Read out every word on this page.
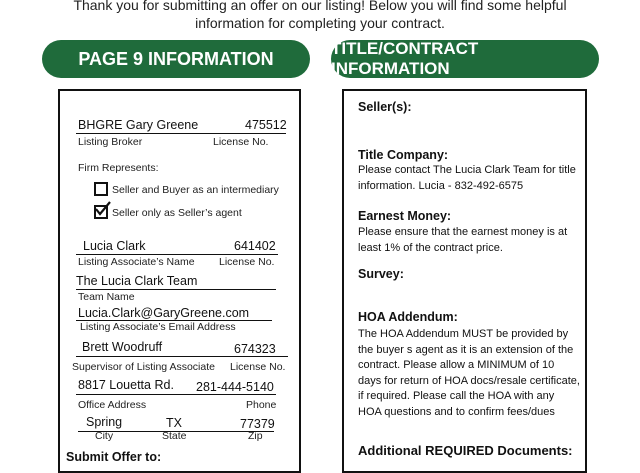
Thank you for submitting an offer on our listing! Below you will find some helpful
information for completing your contract.
PAGE 9 INFORMATION	TITLE/CONTRACT INFORMATION
BHGRE Gary Greene	475512
Listing Broker	License No.
Firm Represents:
Seller and Buyer as an intermediary
Seller only as Seller’s agent
Lucia Clark	641402
Listing Associate’s Name License No.
The Lucia Clark Team
Team Name
Lucia.Clark@GaryGreene.com
Listing Associate’s Email Address
Brett Woodruff	674323
Supervisor of Listing Associate License No.
8817 Louetta Rd. 281-444-5140
Office Address	Phone
Spring	TX	77379
City	State	Zip
Submit Offer to:
Seller(s):
Title Company:
Please contact The Lucia Clark Team for title information. Lucia - 832-492-6575
Earnest Money:
Please ensure that the earnest money is at least 1% of the contract price.
Survey:
HOA Addendum:
The HOA Addendum MUST be provided by the buyer s agent as it is an extension of the contract. Please allow a MINIMUM of 10 days for return of HOA docs/resale certificate, if required. Please call the HOA with any HOA questions and to confirm fees/dues
Additional REQUIRED Documents:
